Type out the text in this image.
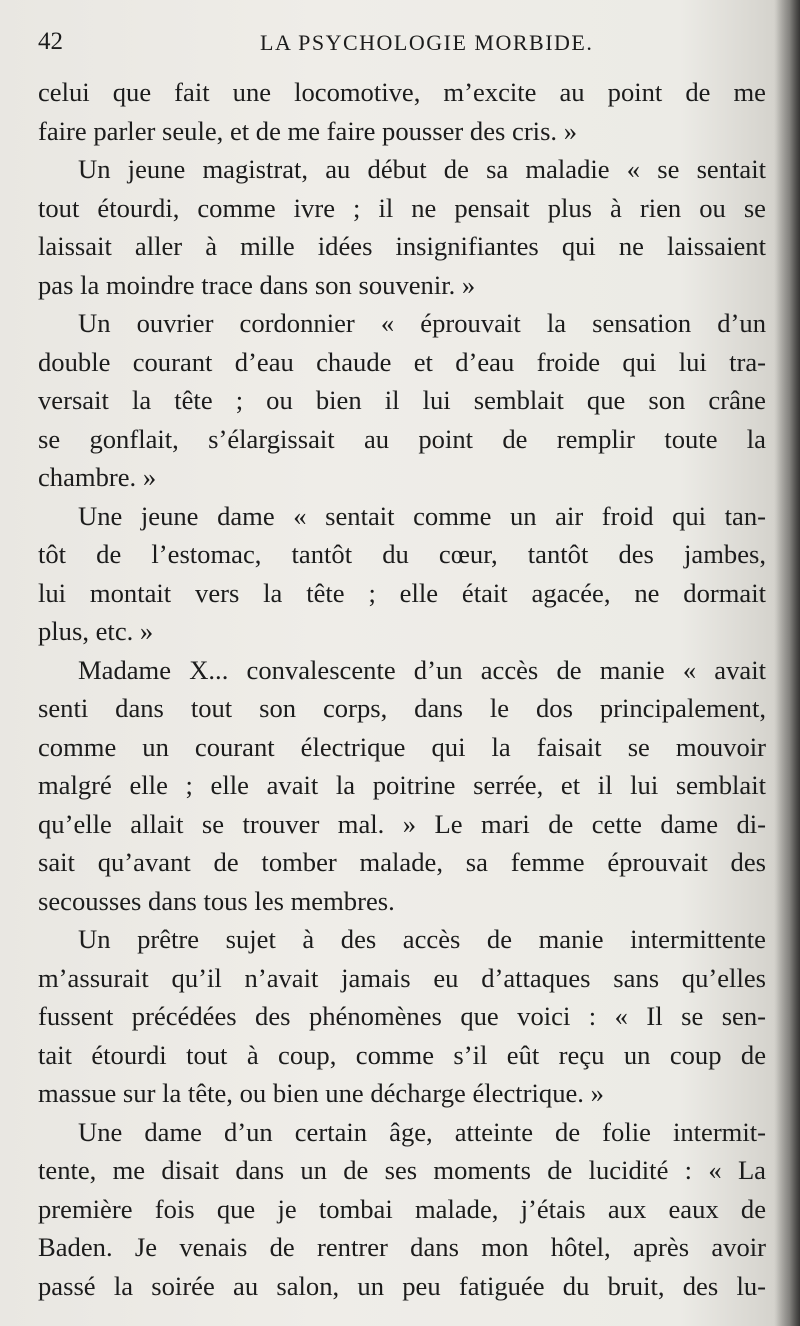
42	LA PSYCHOLOGIE MORBIDE.
celui que fait une locomotive, m’excite au point de me
faire parler seule, et de me faire pousser des cris. »
Un jeune magistrat, au début de sa maladie « se sentait
tout étourdi, comme ivre ; il ne pensait plus à rien ou se
laissait aller à mille idées insignifiantes qui ne laissaient
pas la moindre trace dans son souvenir. »
Un ouvrier cordonnier « éprouvait la sensation d’un
double courant d’eau chaude et d’eau froide qui lui tra-
versait la tête ; ou bien il lui semblait que son crâne
se gonflait, s’élargissait au point de remplir toute la
chambre. »
Une jeune dame « sentait comme un air froid qui tan-
tôt de l’estomac, tantôt du cœur, tantôt des jambes,
lui montait vers la tête ; elle était agacée, ne dormait
plus, etc. »
Madame X... convalescente d’un accès de manie « avait
senti dans tout son corps, dans le dos principalement,
comme un courant électrique qui la faisait se mouvoir
malgré elle ; elle avait la poitrine serrée, et il lui semblait
qu’elle allait se trouver mal. » Le mari de cette dame di-
sait qu’avant de tomber malade, sa femme éprouvait des
secousses dans tous les membres.
Un prêtre sujet à des accès de manie intermittente
m’assurait qu’il n’avait jamais eu d’attaques sans qu’elles
fussent précédées des phénomènes que voici : « Il se sen-
tait étourdi tout à coup, comme s’il eût reçu un coup de
massue sur la tête, ou bien une décharge électrique. »
Une dame d’un certain âge, atteinte de folie intermit-
tente, me disait dans un de ses moments de lucidité : « La
première fois que je tombai malade, j’étais aux eaux de
Baden. Je venais de rentrer dans mon hôtel, après avoir
passé la soirée au salon, un peu fatiguée du bruit, des lu-
